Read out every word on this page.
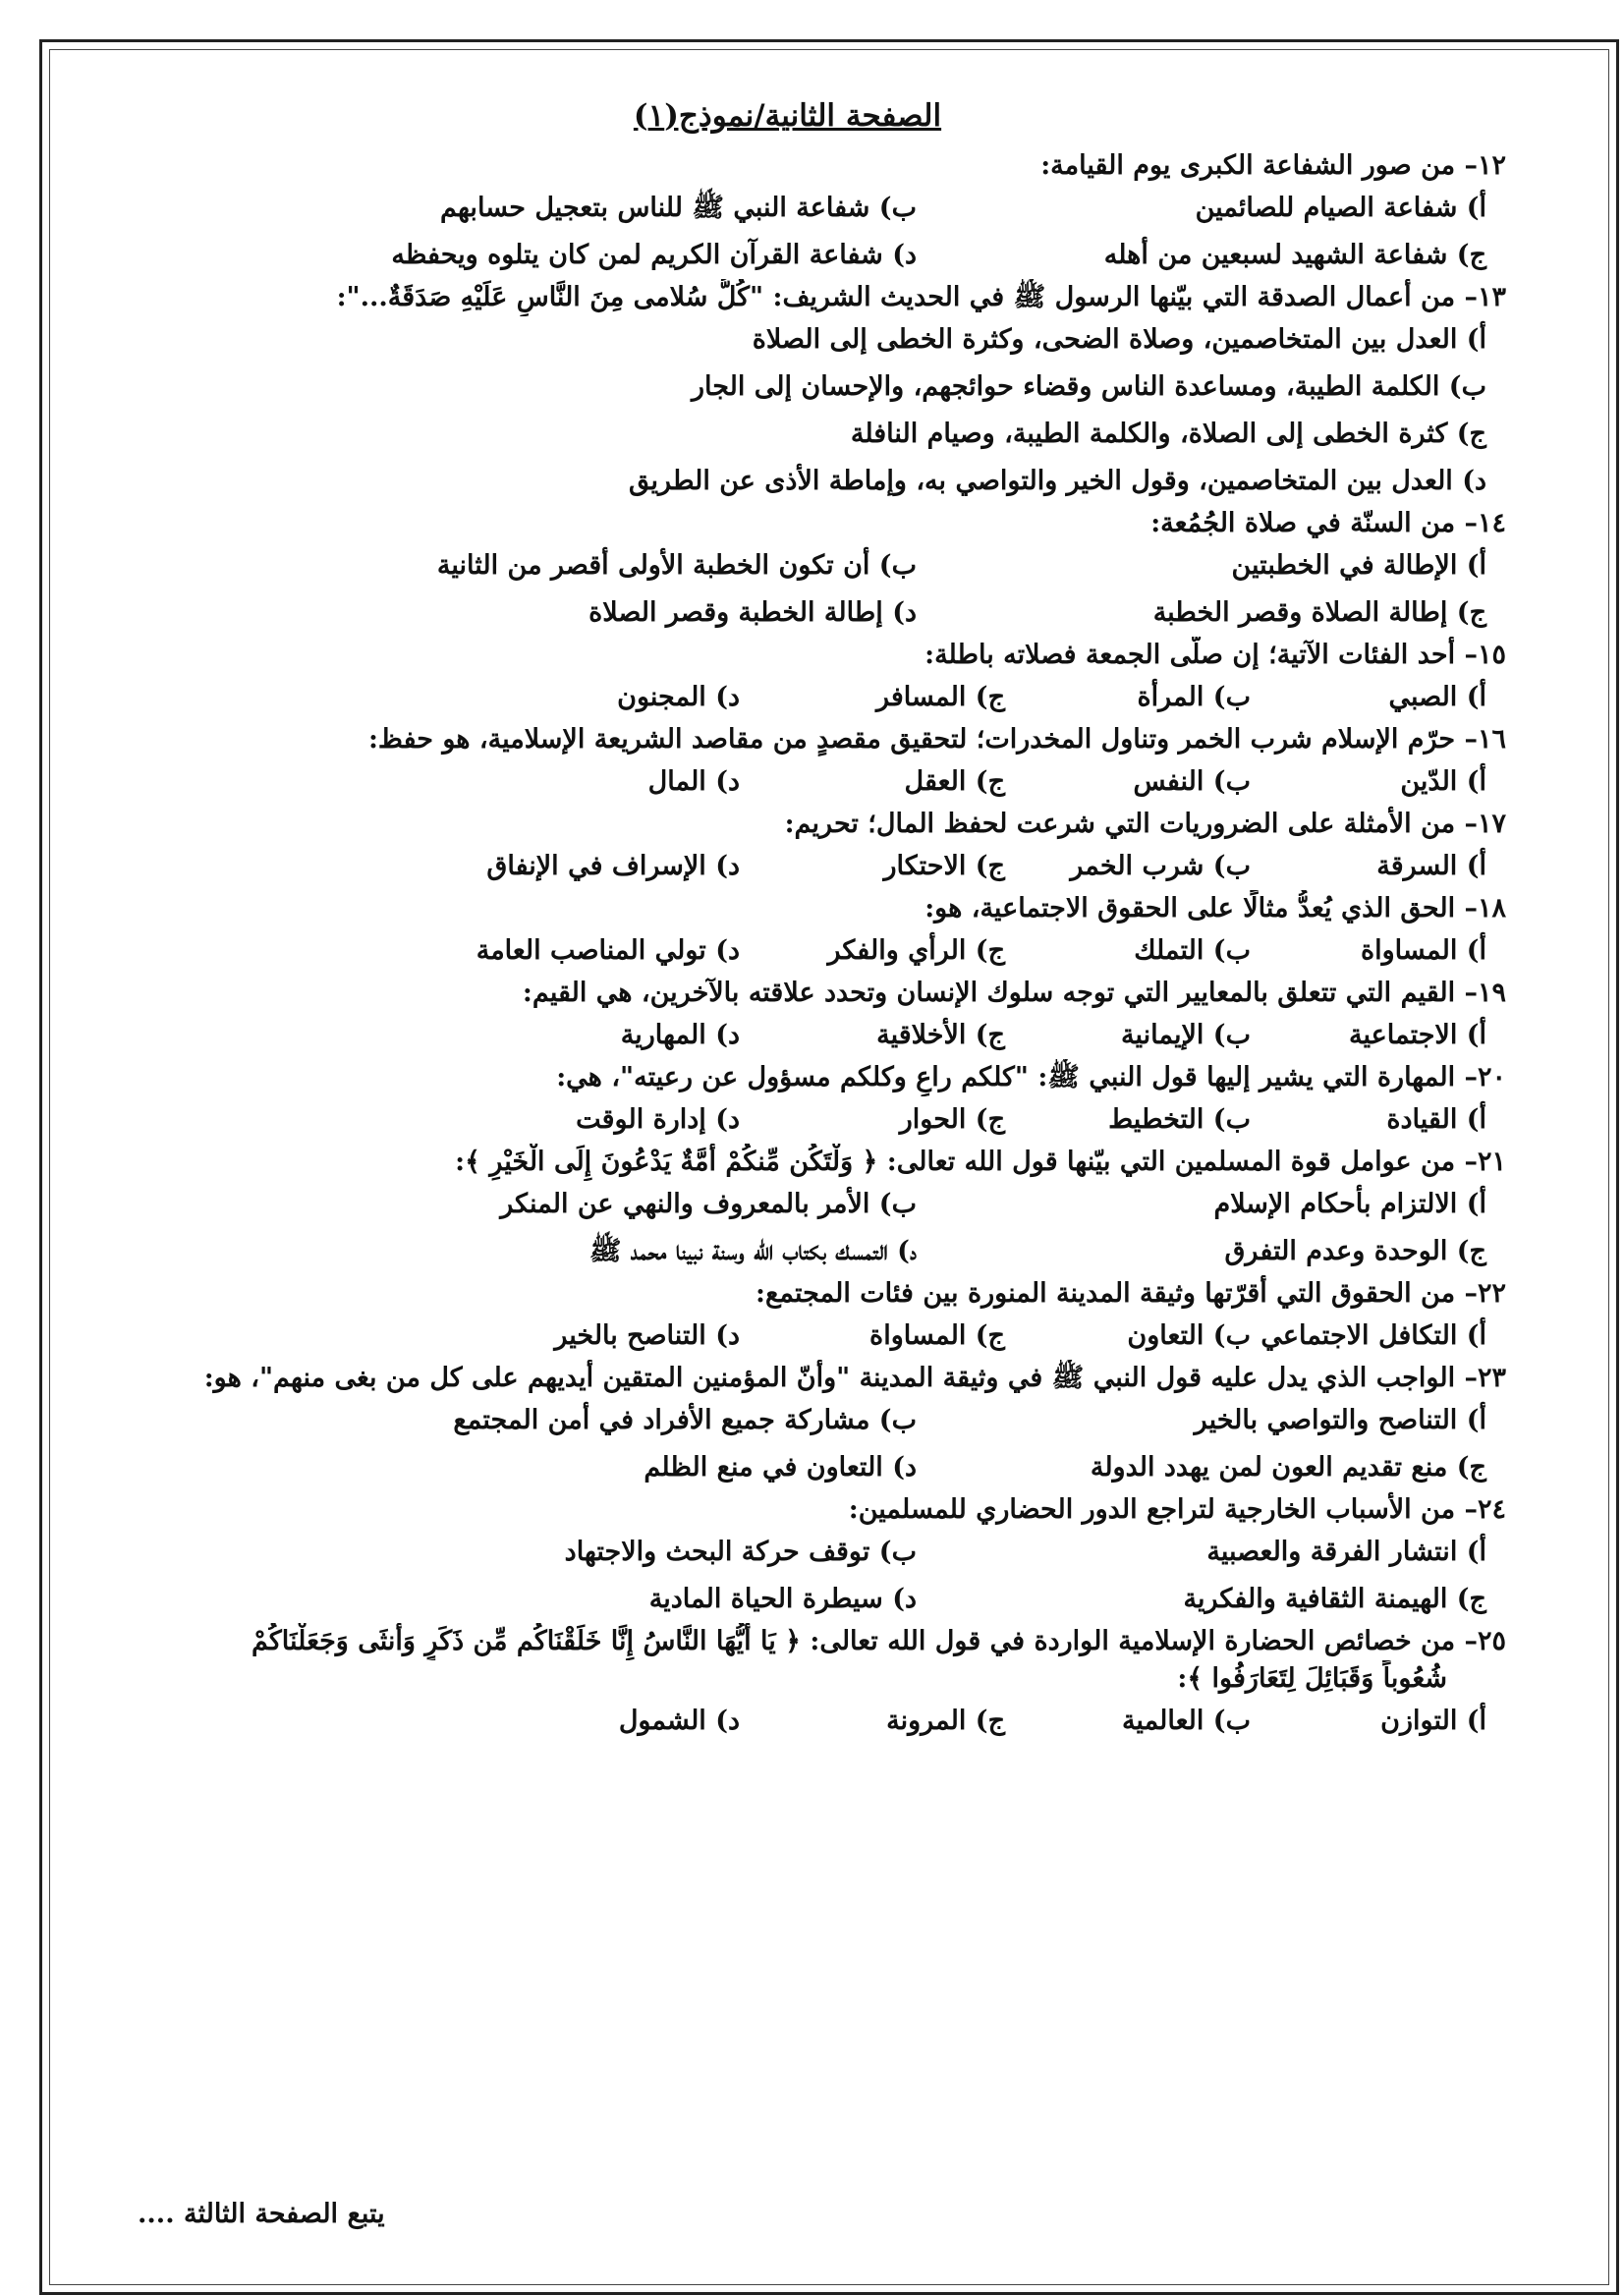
الصفحة الثانية/نموذج(١)
١٢– من صور الشفاعة الكبرى يوم القيامة:
أ) شفاعة الصيام للصائمين
ب) شفاعة النبي ﷺ للناس بتعجيل حسابهم
ج) شفاعة الشهيد لسبعين من أهله
د) شفاعة القرآن الكريم لمن كان يتلوه ويحفظه
١٣– من أعمال الصدقة التي بيّنها الرسول ﷺ في الحديث الشريف: "كُلُّ سُلامى مِنَ النَّاسِ عَلَيْهِ صَدَقَةٌ...":
أ) العدل بين المتخاصمين، وصلاة الضحى، وكثرة الخطى إلى الصلاة
ب) الكلمة الطيبة، ومساعدة الناس وقضاء حوائجهم، والإحسان إلى الجار
ج) كثرة الخطى إلى الصلاة، والكلمة الطيبة، وصيام النافلة
د) العدل بين المتخاصمين، وقول الخير والتواصي به، وإماطة الأذى عن الطريق
١٤– من السنّة في صلاة الجُمُعة:
أ) الإطالة في الخطبتين
ب) أن تكون الخطبة الأولى أقصر من الثانية
ج) إطالة الصلاة وقصر الخطبة
د) إطالة الخطبة وقصر الصلاة
١٥– أحد الفئات الآتية؛ إن صلّى الجمعة فصلاته باطلة:
أ) الصبي
ب) المرأة
ج) المسافر
د) المجنون
١٦– حرّم الإسلام شرب الخمر وتناول المخدرات؛ لتحقيق مقصدٍ من مقاصد الشريعة الإسلامية، هو حفظ:
أ) الدّين
ب) النفس
ج) العقل
د) المال
١٧– من الأمثلة على الضروريات التي شرعت لحفظ المال؛ تحريم:
أ) السرقة
ب) شرب الخمر
ج) الاحتكار
د) الإسراف في الإنفاق
١٨– الحق الذي يُعدُّ مثالًا على الحقوق الاجتماعية، هو:
أ) المساواة
ب) التملك
ج) الرأي والفكر
د) تولي المناصب العامة
١٩– القيم التي تتعلق بالمعايير التي توجه سلوك الإنسان وتحدد علاقته بالآخرين، هي القيم:
أ) الاجتماعية
ب) الإيمانية
ج) الأخلاقية
د) المهارية
٢٠– المهارة التي يشير إليها قول النبي ﷺ: "كلكم راعٍ وكلكم مسؤول عن رعيته"، هي:
أ) القيادة
ب) التخطيط
ج) الحوار
د) إدارة الوقت
٢١– من عوامل قوة المسلمين التي بيّنها قول الله تعالى: ﴿ وَلْتَكُن مِّنكُمْ أُمَّةٌ يَدْعُونَ إِلَى الْخَيْرِ ﴾:
أ) الالتزام بأحكام الإسلام
ب) الأمر بالمعروف والنهي عن المنكر
ج) الوحدة وعدم التفرق
د) التمسك بكتاب الله وسنة نبينا محمد ﷺ
٢٢– من الحقوق التي أقرّتها وثيقة المدينة المنورة بين فئات المجتمع:
أ) التكافل الاجتماعي
ب) التعاون
ج) المساواة
د) التناصح بالخير
٢٣– الواجب الذي يدل عليه قول النبي ﷺ في وثيقة المدينة "وأنّ المؤمنين المتقين أيديهم على كل من بغى منهم"، هو:
أ) التناصح والتواصي بالخير
ب) مشاركة جميع الأفراد في أمن المجتمع
ج) منع تقديم العون لمن يهدد الدولة
د) التعاون في منع الظلم
٢٤– من الأسباب الخارجية لتراجع الدور الحضاري للمسلمين:
أ) انتشار الفرقة والعصبية
ب) توقف حركة البحث والاجتهاد
ج) الهيمنة الثقافية والفكرية
د) سيطرة الحياة المادية
٢٥– من خصائص الحضارة الإسلامية الواردة في قول الله تعالى: ﴿ يَا أَيُّهَا النَّاسُ إِنَّا خَلَقْنَاكُم مِّن ذَكَرٍ وَأُنثَى وَجَعَلْنَاكُمْ
شُعُوباً وَقَبَائِلَ لِتَعَارَفُوا ﴾:
أ) التوازن
ب) العالمية
ج) المرونة
د) الشمول
يتبع الصفحة الثالثة ....
